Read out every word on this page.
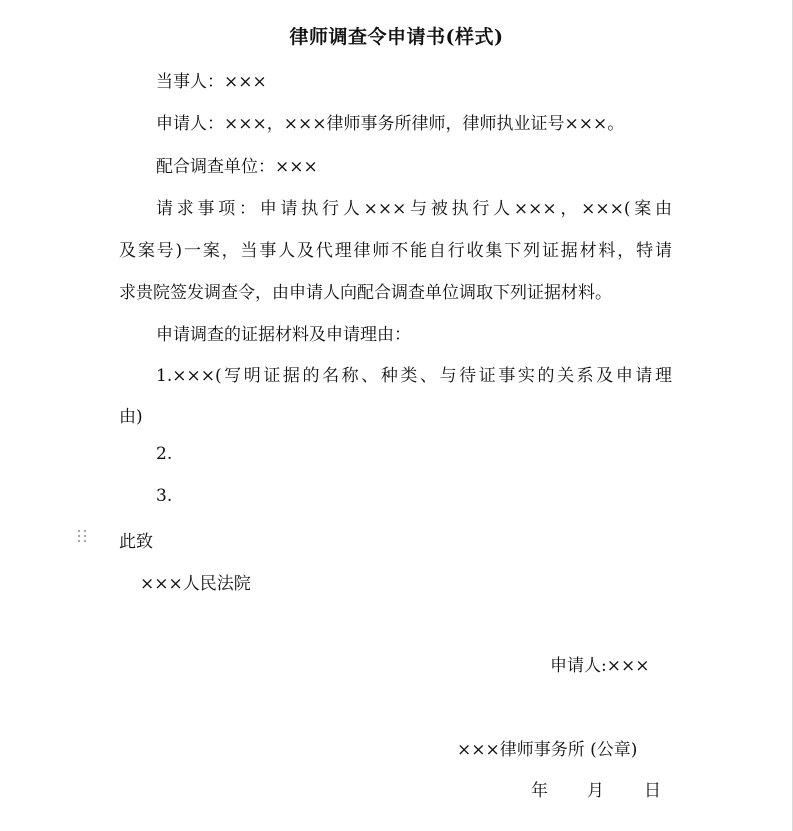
律师调查令申请书(样式)
当事人：×××
申请人：×××，×××律师事务所律师，律师执业证号×××。
配合调查单位：×××
请求事项：申请执行人×××与被执行人×××，×××(案由
及案号)一案，当事人及代理律师不能自行收集下列证据材料，特请
求贵院签发调查令，由申请人向配合调查单位调取下列证据材料。
申请调查的证据材料及申请理由：
1.×××(写明证据的名称、种类、与待证事实的关系及申请理
由)
2.
3.
此致
×××人民法院
申请人:×××
×××律师事务所 (公章)
年 月 日
